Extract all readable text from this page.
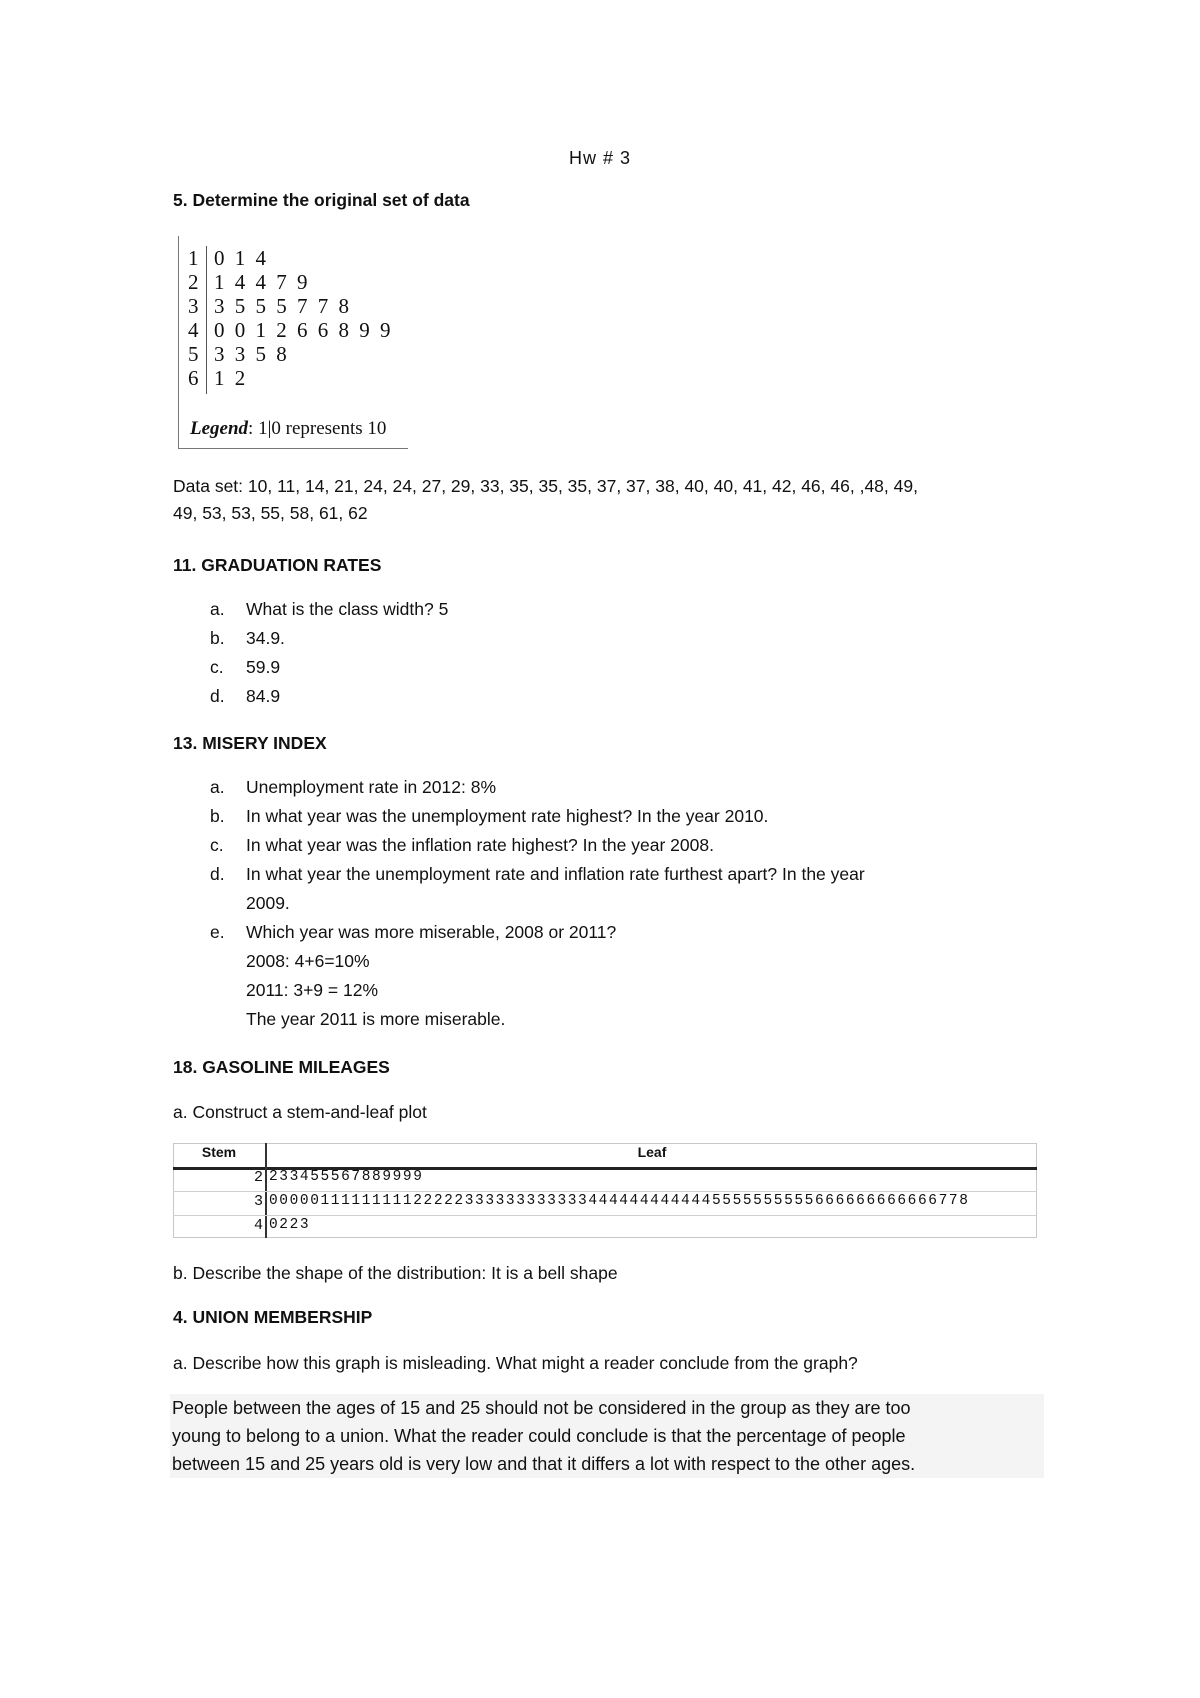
Hw # 3
5. Determine the original set of data
1 0 1 4
2 1 4 4 7 9
3 3 5 5 5 7 7 8
4 0 0 1 2 6 6 8 9 9
5 3 3 5 8
6 1 2
Legend: 1|0 represents 10
Data set: 10, 11, 14, 21, 24, 24, 27, 29, 33, 35, 35, 35, 37, 37, 38, 40, 40, 41, 42, 46, 46, ,48, 49,
49, 53, 53, 55, 58, 61, 62
11. GRADUATION RATES
a.	What is the class width? 5
b.	34.9.
c.	59.9
d.	84.9
13. MISERY INDEX
a.	Unemployment rate in 2012: 8%
b.	In what year was the unemployment rate highest? In the year 2010.
c.	In what year was the inflation rate highest? In the year 2008.
d.	In what year the unemployment rate and inflation rate furthest apart? In the year
2009.
e.	Which year was more miserable, 2008 or 2011?
2008: 4+6=10%
2011: 3+9 = 12%
The year 2011 is more miserable.
18. GASOLINE MILEAGES
a. Construct a stem-and-leaf plot
Stem	Leaf
2 233455567889999
3 00000111111111222223333333333334444444444445555555555666666666666778
4 0223
b. Describe the shape of the distribution: It is a bell shape
4. UNION MEMBERSHIP
a. Describe how this graph is misleading. What might a reader conclude from the graph?
People between the ages of 15 and 25 should not be considered in the group as they are too
young to belong to a union. What the reader could conclude is that the percentage of people
between 15 and 25 years old is very low and that it differs a lot with respect to the other ages.
